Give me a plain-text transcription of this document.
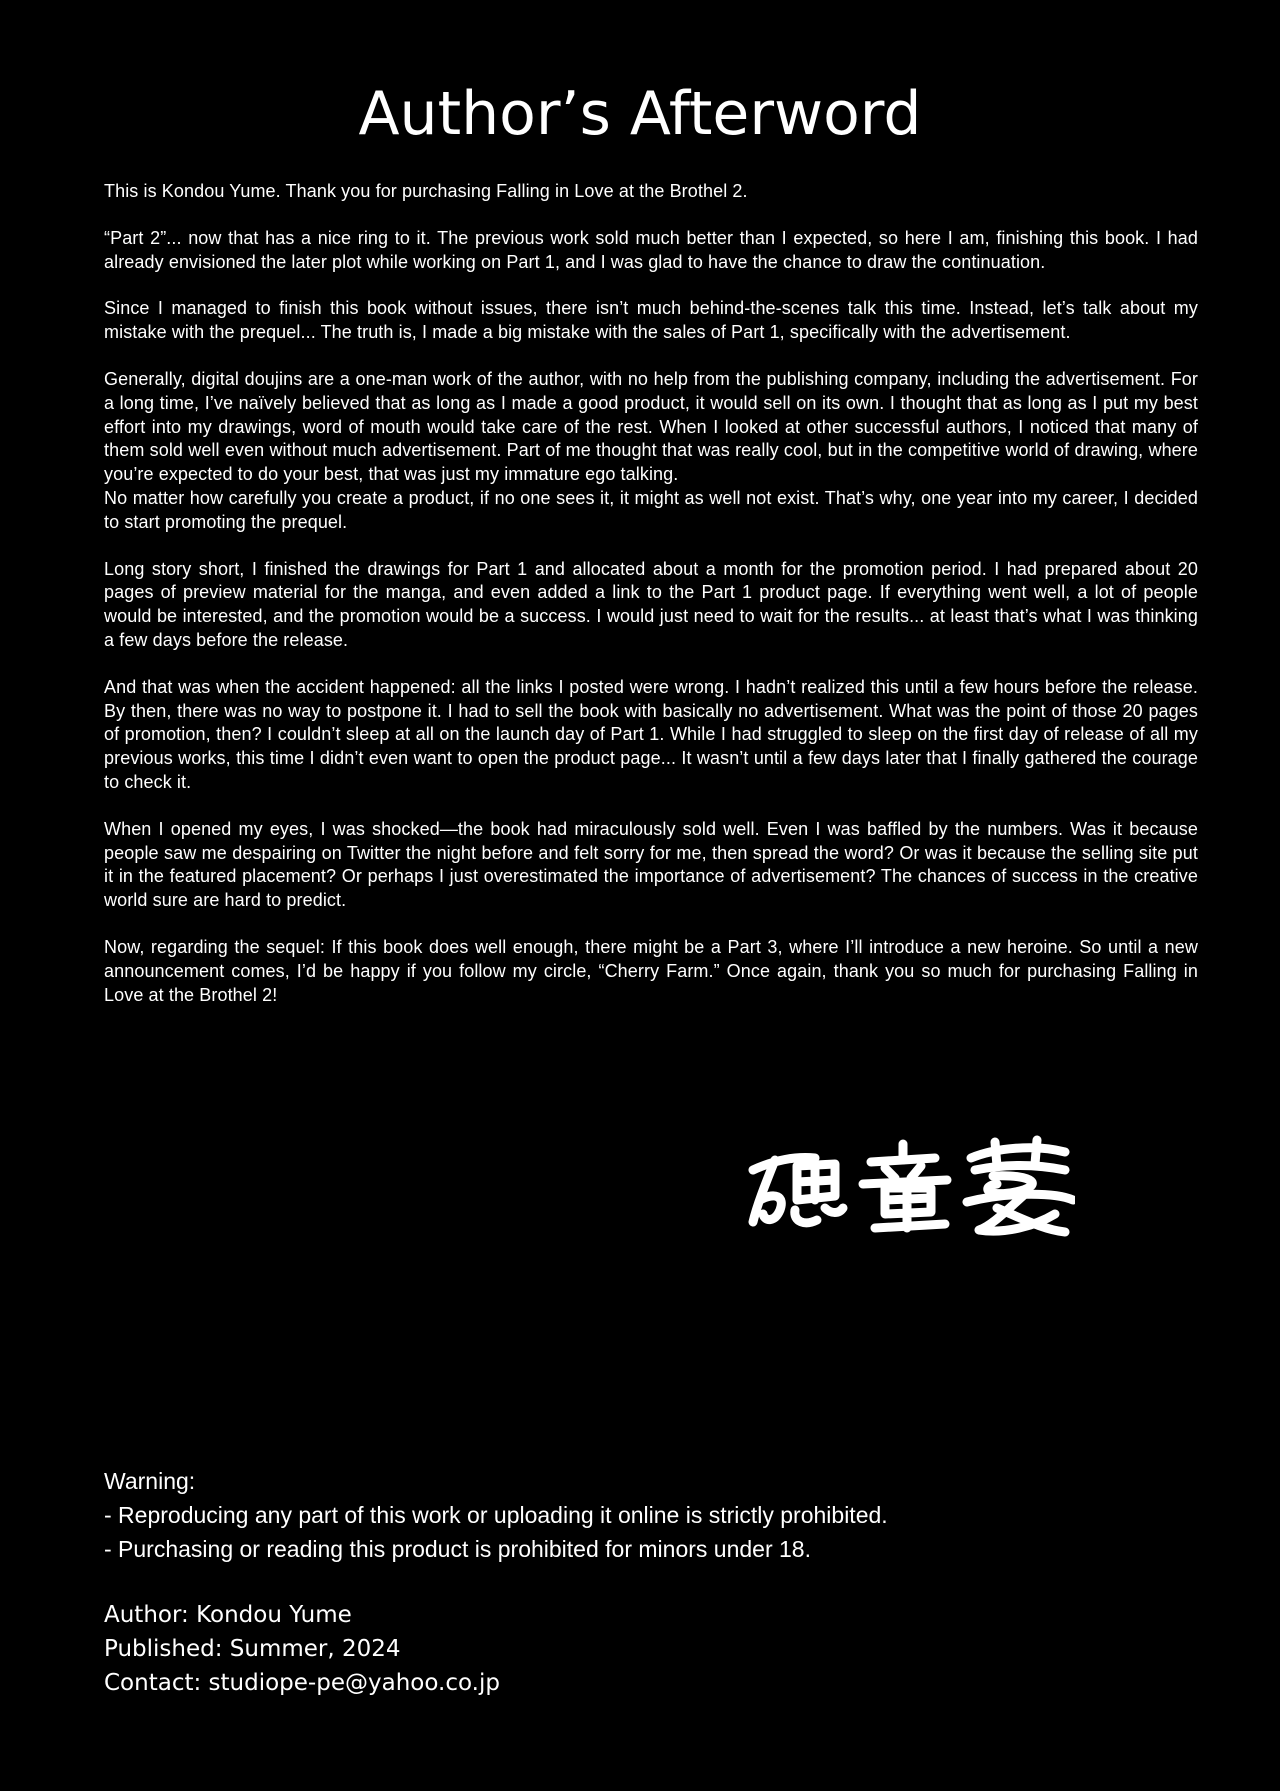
Author’s Afterword

This is Kondou Yume. Thank you for purchasing Falling in Love at the Brothel 2.

“Part 2”... now that has a nice ring to it. The previous work sold much better than I expected, so here I am, finishing this book. I had already envisioned the later plot while working on Part 1, and I was glad to have the chance to draw the continuation.

Since I managed to finish this book without issues, there isn’t much behind-the-scenes talk this time. Instead, let’s talk about my mistake with the prequel... The truth is, I made a big mistake with the sales of Part 1, specifically with the advertisement.

Generally, digital doujins are a one-man work of the author, with no help from the publishing company, including the advertisement. For a long time, I’ve naïvely believed that as long as I made a good product, it would sell on its own. I thought that as long as I put my best effort into my drawings, word of mouth would take care of the rest. When I looked at other successful authors, I noticed that many of them sold well even without much advertisement. Part of me thought that was really cool, but in the competitive world of drawing, where you’re expected to do your best, that was just my immature ego talking.

No matter how carefully you create a product, if no one sees it, it might as well not exist. That’s why, one year into my career, I decided to start promoting the prequel.

Long story short, I finished the drawings for Part 1 and allocated about a month for the promotion period. I had prepared about 20 pages of preview material for the manga, and even added a link to the Part 1 product page. If everything went well, a lot of people would be interested, and the promotion would be a success. I would just need to wait for the results... at least that’s what I was thinking a few days before the release.

And that was when the accident happened: all the links I posted were wrong. I hadn’t realized this until a few hours before the release. By then, there was no way to postpone it. I had to sell the book with basically no advertisement. What was the point of those 20 pages of promotion, then? I couldn’t sleep at all on the launch day of Part 1. While I had struggled to sleep on the first day of release of all my previous works, this time I didn’t even want to open the product page... It wasn’t until a few days later that I finally gathered the courage to check it.

When I opened my eyes, I was shocked—the book had miraculously sold well. Even I was baffled by the numbers. Was it because people saw me despairing on Twitter the night before and felt sorry for me, then spread the word? Or was it because the selling site put it in the featured placement? Or perhaps I just overestimated the importance of advertisement? The chances of success in the creative world sure are hard to predict.

Now, regarding the sequel: If this book does well enough, there might be a Part 3, where I’ll introduce a new heroine. So until a new announcement comes, I’d be happy if you follow my circle, “Cherry Farm.” Once again, thank you so much for purchasing Falling in Love at the Brothel 2!

Warning:
- Reproducing any part of this work or uploading it online is strictly prohibited.
- Purchasing or reading this product is prohibited for minors under 18.
Author: Kondou Yume
Published: Summer, 2024
Contact: studiope-pe@yahoo.co.jp
